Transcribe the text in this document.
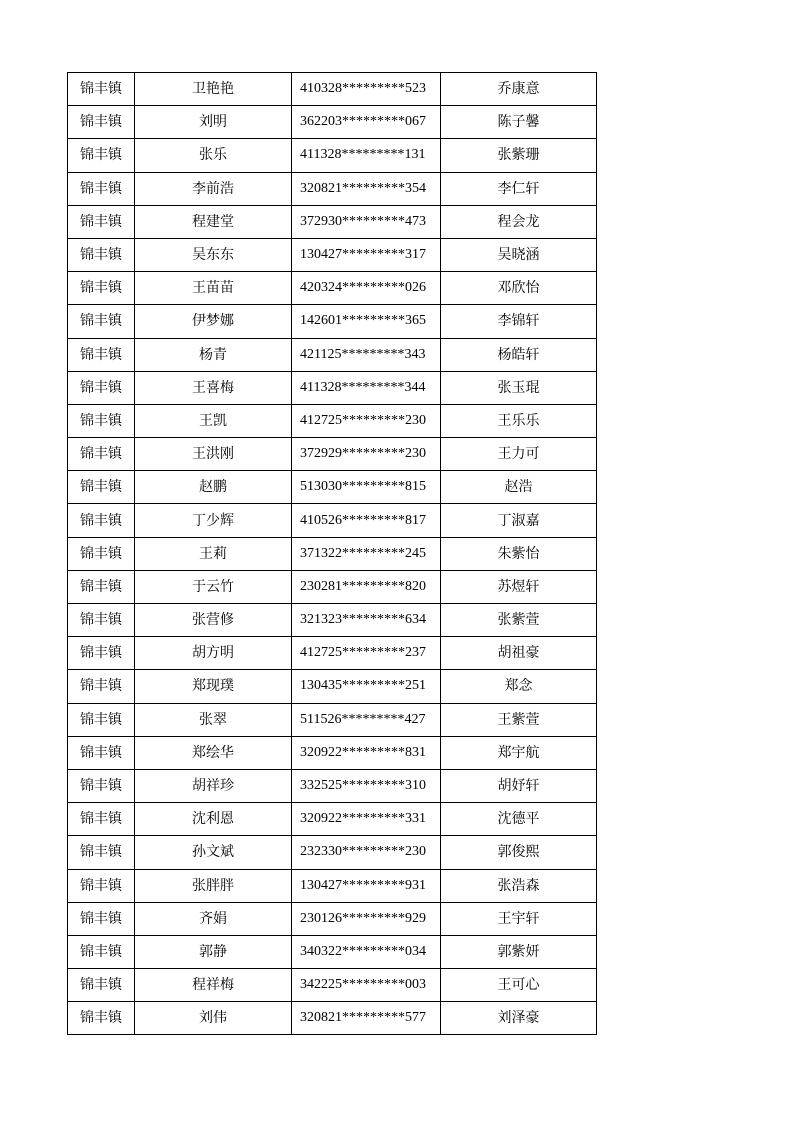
锦丰镇	卫艳艳	410328*********523	乔康意
锦丰镇	刘明	362203*********067	陈子馨
锦丰镇	张乐	411328*********131	张紫珊
锦丰镇	李前浩	320821*********354	李仁轩
锦丰镇	程建堂	372930*********473	程会龙
锦丰镇	吴东东	130427*********317	吴晓涵
锦丰镇	王苗苗	420324*********026	邓欣怡
锦丰镇	伊梦娜	142601*********365	李锦轩
锦丰镇	杨青	421125*********343	杨皓轩
锦丰镇	王喜梅	411328*********344	张玉琨
锦丰镇	王凯	412725*********230	王乐乐
锦丰镇	王洪刚	372929*********230	王力可
锦丰镇	赵鹏	513030*********815	赵浩
锦丰镇	丁少辉	410526*********817	丁淑嘉
锦丰镇	王莉	371322*********245	朱紫怡
锦丰镇	于云竹	230281*********820	苏煜轩
锦丰镇	张营修	321323*********634	张紫萱
锦丰镇	胡方明	412725*********237	胡祖豪
锦丰镇	郑现璞	130435*********251	郑念
锦丰镇	张翠	511526*********427	王紫萱
锦丰镇	郑绘华	320922*********831	郑宇航
锦丰镇	胡祥珍	332525*********310	胡妤轩
锦丰镇	沈利恩	320922*********331	沈德平
锦丰镇	孙文斌	232330*********230	郭俊熙
锦丰镇	张胖胖	130427*********931	张浩森
锦丰镇	齐娟	230126*********929	王宇轩
锦丰镇	郭静	340322*********034	郭紫妍
锦丰镇	程祥梅	342225*********003	王可心
锦丰镇	刘伟	320821*********577	刘泽豪
